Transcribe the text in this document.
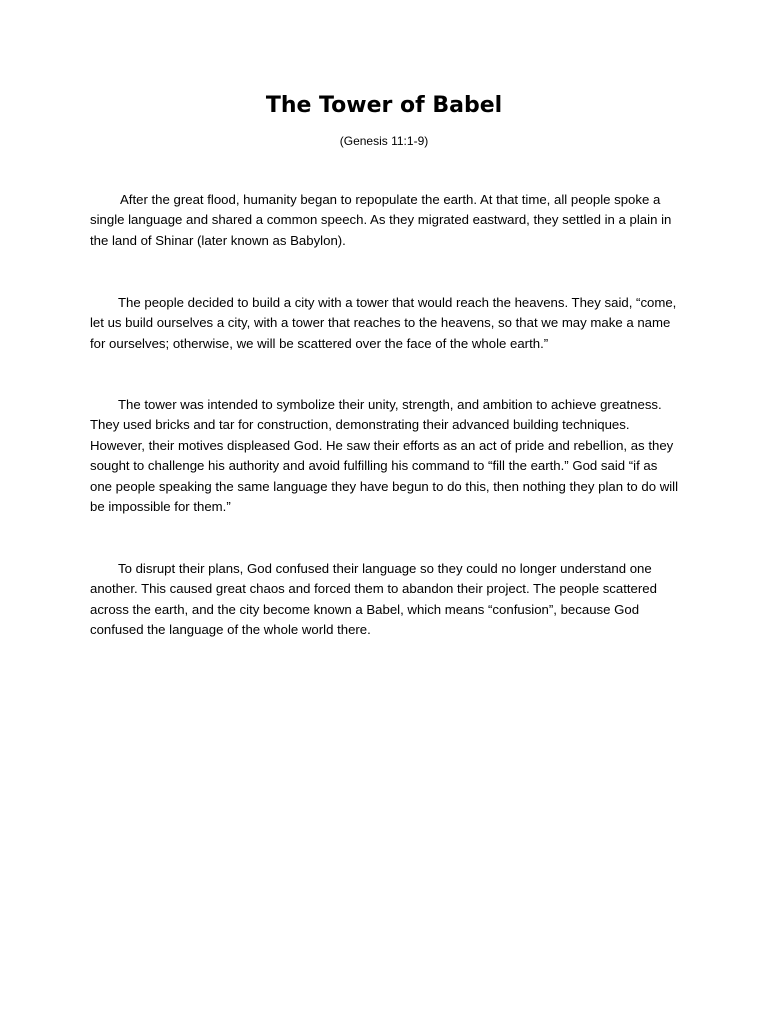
The Tower of Babel

(Genesis 11:1-9)

After the great flood, humanity began to repopulate the earth. At that time, all people spoke a single language and shared a common speech. As they migrated eastward, they settled in a plain in the land of Shinar (later known as Babylon).

The people decided to build a city with a tower that would reach the heavens. They said, “come, let us build ourselves a city, with a tower that reaches to the heavens, so that we may make a name for ourselves; otherwise, we will be scattered over the face of the whole earth.”

The tower was intended to symbolize their unity, strength, and ambition to achieve greatness. They used bricks and tar for construction, demonstrating their advanced building techniques. However, their motives displeased God. He saw their efforts as an act of pride and rebellion, as they sought to challenge his authority and avoid fulfilling his command to “fill the earth.” God said “if as one people speaking the same language they have begun to do this, then nothing they plan to do will be impossible for them.”

To disrupt their plans, God confused their language so they could no longer understand one another. This caused great chaos and forced them to abandon their project. The people scattered across the earth, and the city become known a Babel, which means “confusion”, because God confused the language of the whole world there.
